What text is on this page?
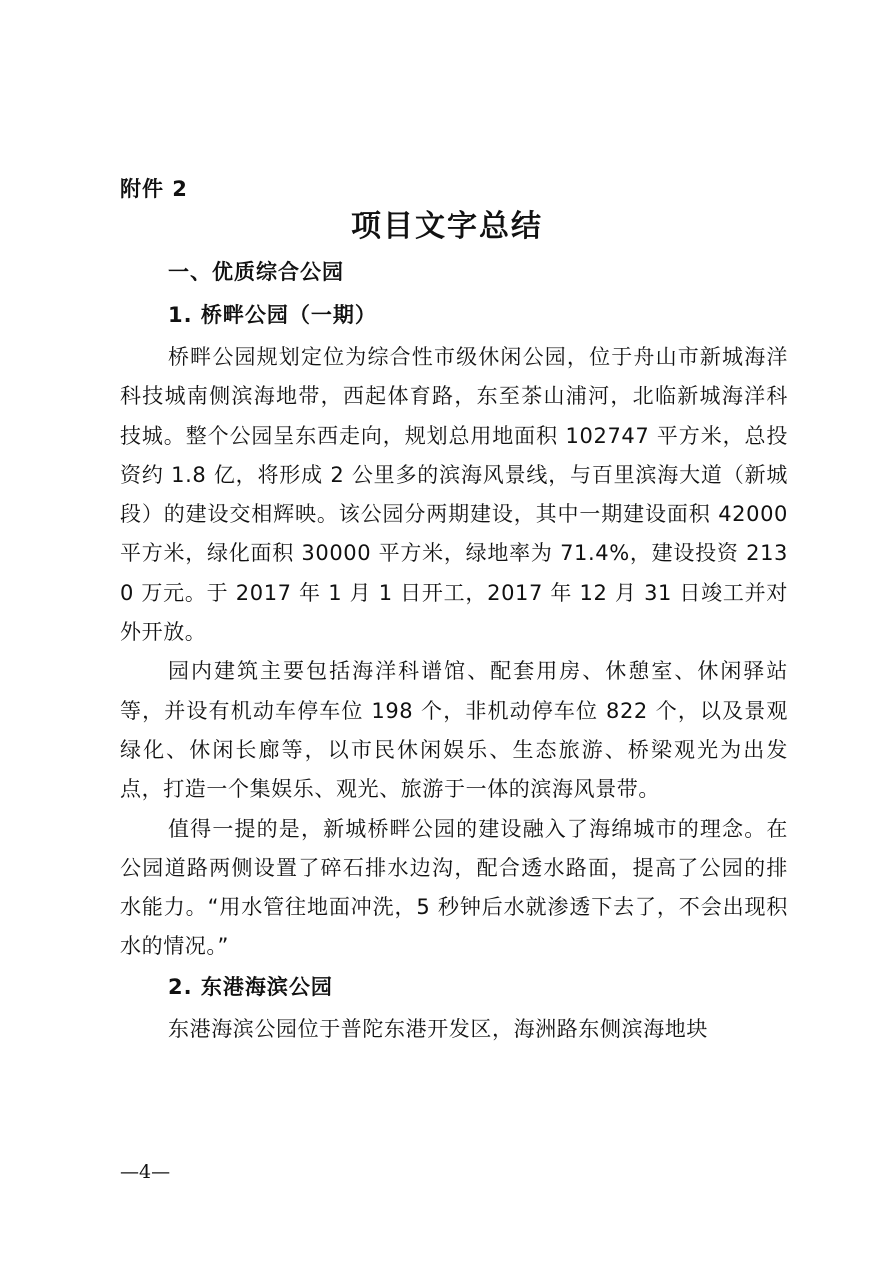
附件 2
项目文字总结

一、优质综合公园

1. 桥畔公园（一期）

桥畔公园规划定位为综合性市级休闲公园，位于舟山市新城海洋科技城南侧滨海地带，西起体育路，东至茶山浦河，北临新城海洋科技城。整个公园呈东西走向，规划总用地面积 102747 平方米，总投资约 1.8 亿，将形成 2 公里多的滨海风景线，与百里滨海大道（新城段）的建设交相辉映。该公园分两期建设，其中一期建设面积 42000 平方米，绿化面积 30000 平方米，绿地率为 71.4%，建设投资 2130 万元。于 2017 年 1 月 1 日开工，2017 年 12 月 31 日竣工并对外开放。

园内建筑主要包括海洋科谱馆、配套用房、休憩室、休闲驿站等，并设有机动车停车位 198 个，非机动停车位 822 个，以及景观绿化、休闲长廊等，以市民休闲娱乐、生态旅游、桥梁观光为出发点，打造一个集娱乐、观光、旅游于一体的滨海风景带。

值得一提的是，新城桥畔公园的建设融入了海绵城市的理念。在公园道路两侧设置了碎石排水边沟，配合透水路面，提高了公园的排水能力。“用水管往地面冲洗，5 秒钟后水就渗透下去了，不会出现积水的情况。”

2. 东港海滨公园

东港海滨公园位于普陀东港开发区，海洲路东侧滨海地块

—4—
